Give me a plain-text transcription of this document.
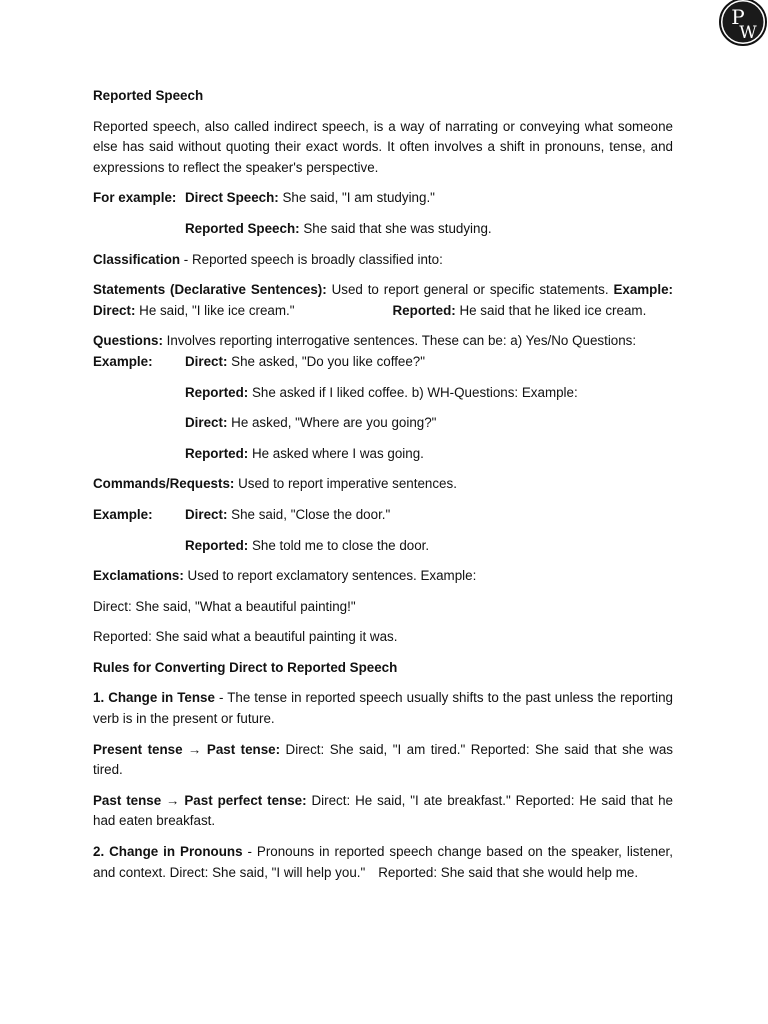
P
W

Reported Speech

Reported speech, also called indirect speech, is a way of narrating or conveying what someone else has said without quoting their exact words. It often involves a shift in pronouns, tense, and expressions to reflect the speaker's perspective.

For example: Direct Speech: She said, "I am studying."

Reported Speech: She said that she was studying.

Classification - Reported speech is broadly classified into:

Statements (Declarative Sentences): Used to report general or specific statements. Example: Direct: He said, "I like ice cream."	Reported: He said that he liked ice cream.

Questions: Involves reporting interrogative sentences. These can be: a) Yes/No Questions:

Example: Direct: She asked, "Do you like coffee?"

Reported: She asked if I liked coffee. b) WH-Questions: Example:

Direct: He asked, "Where are you going?"

Reported: He asked where I was going.

Commands/Requests: Used to report imperative sentences.

Example: Direct: She said, "Close the door."

Reported: She told me to close the door.

Exclamations: Used to report exclamatory sentences. Example:

Direct: She said, "What a beautiful painting!"

Reported: She said what a beautiful painting it was.

Rules for Converting Direct to Reported Speech

1. Change in Tense - The tense in reported speech usually shifts to the past unless the reporting verb is in the present or future.

Present tense → Past tense: Direct: She said, "I am tired." Reported: She said that she was tired.

Past tense → Past perfect tense: Direct: He said, "I ate breakfast." Reported: He said that he had eaten breakfast.

2. Change in Pronouns - Pronouns in reported speech change based on the speaker, listener, and context. Direct: She said, "I will help you." Reported: She said that she would help me.
